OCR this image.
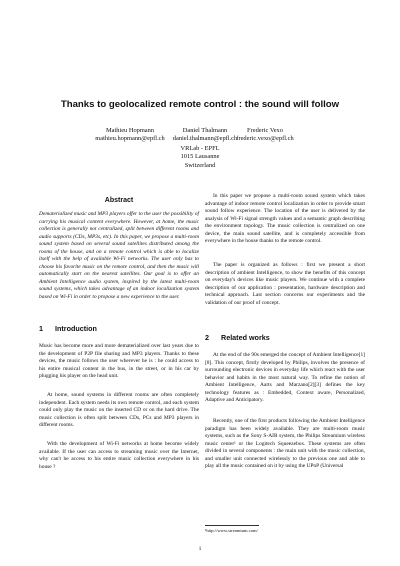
Thanks to geolocalized remote control : the sound will follow
Mathieu Hopmann
mathieu.hopmann@epfl.ch
Daniel Thalmann
daniel.thalmann@epfl.ch
Frederic Vexo
frederic.vexo@epfl.ch
VRLab - EPFL
1015 Lausanne
Switzerland
Abstract
Dematerialized music and MP3 players offer to the user the possibility of carrying his musical content everywhere. However, at home, the music collection is generally not centralized, split between different rooms and audio supports (CDs, MP3s, etc). In this paper, we propose a multi-room sound system based on several sound satellites distributed among the rooms of the house, and on a remote control which is able to localize itself with the help of available Wi-Fi networks. The user only has to choose his favorite music on the remote control, and then the music will automatically start on the nearest satellites. Our goal is to offer an Ambient Intelligence audio system, inspired by the latest multi-room sound systems, which takes advantage of an indoor localization system based on Wi-Fi in order to propose a new experience to the user.
1 Introduction
Music has become more and more dematerialized over last years due to the development of P2P file sharing and MP3 players. Thanks to these devices, the music follows the user wherever he is : he could access to his entire musical content in the bus, in the street, or in his car by plugging his player on the head unit.
At home, sound systems in different rooms are often completely independent. Each system needs its own remote control, and each system could only play the music on the inserted CD or on the hard drive. The music collection is often split between CDs, PCs and MP3 players in different rooms.
With the development of Wi-Fi networks at home become widely available. If the user can access to streaming music over the Internet, why can't he access to his entire music collection everywhere in his house ?
In this paper we propose a multi-room sound system which takes advantage of indoor remote control localization in order to provide smart sound follow experience. The location of the user is delivered by the analysis of Wi-Fi signal strength values and a semantic graph describing the environment topology. The music collection is centralized on one device, the main sound satellite, and is completely accessible from everywhere in the house thanks to the remote control.
The paper is organized as follows : first we present a short description of ambient Intelligence, to show the benefits of this concept on everyday's devices like music players. We continue with a complete description of our application : presentation, hardware description and technical approach. Last section concerns our experiments and the validation of our proof of concept.
2 Related works
At the end of the 90s emerged the concept of Ambient Intelligence[1][8]. This concept, firstly developed by Philips, involves the presence of surrounding electronic devices in everyday life which react with the user behavior and habits in the most natural way. To refine the notion of Ambient Intelligence, Aarts and Marzano[2][3] defines the key technology features as : Embedded, Context aware, Personalized, Adaptive and Anticipatory.
Recently, one of the first products following the Ambient Intelligence paradigm has been widely available. They are multi-room music systems, such as the Sony S-AIR system, the Philips Streamium wireless music center¹ or the Logitech Squeezebox. These systems are often divided in several components : the main unit with the music collection, and smaller unit connected wirelessly to the previous one and able to play all the music contained on it by using the UPnP (Universal
¹http://www.streamium.com/
1
